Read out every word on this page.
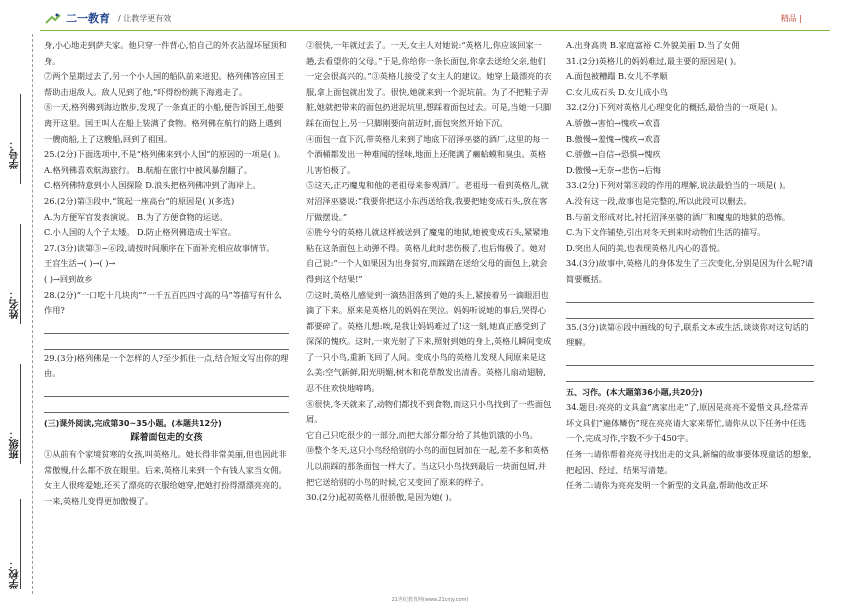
二一教育 / 让教学更有效	精品 |
学号：
姓名：
班级：
学校：

身,小心地走到萨夫家。他只穿一件背心,怕自己的外衣沾湿坏屋顶和身。

⑦两个星期过去了,另一个小人国的船队前来进犯。格列佛答应国王帮助击退敌人。敌人见到了他,“吓得纷纷跳下海逃走了。

⑧一天,格列佛到海边散步,发现了一条真正的小船,便告诉国王,他要离开这里。国王叫人在船上装满了食物。格列佛在航行的路上遇到一艘商船,上了这艘船,回到了祖国。

25.(2分)下面选项中,不是“格列佛来到小人国”的原因的一项是( )。

A.格列佛喜欢航海旅行。 B.航船在旅行中被风暴刮翻了。

C.格列佛特意到小人国探险 D.浪头把格列佛冲到了海岸上。

26.(2分)第③段中,“筑起一座高台”的原因是( )(多选)

A.为方便军官发表演说。 B.为了方便食物的运送。

C.小人国的人个子太矮。 D.防止格列佛造成士军官。

27.(3分)读第③~⑥段,请按时间顺序在下面补充相应故事情节。

王宫生活→( )→( )→

( )→回到故乡

28.(2分)“一口吃十几块肉”“一千五百匹四寸高的马”等描写有什么作用?

29.(3分)格列佛是一个怎样的人?至少抓住一点,结合短文写出你的理由。

(三)课外阅读,完成第30~35小题。(本题共12分)

踩着面包走的女孩

①从前有个家境贫寒的女孩,叫英格儿。她长得非常美丽,但也因此非常傲慢,什么都不放在眼里。后来,英格儿来到一个有钱人家当女佣。女主人很疼爱她,还买了漂亮的衣服给她穿,把她打扮得漂漂亮亮的。一来,英格儿变得更加傲慢了。

②很快,一年就过去了。一天,女主人对她说:“英格儿,你应该回家一趟,去看望你的父母。”于是,你给你一条长面包,你拿去送给父亲,他们一定会很高兴的。”③英格儿接受了女主人的建议。她穿上最漂亮的衣服,拿上面包就出发了。很快,她就来到一个泥坑前。为了不把鞋子弄脏,她就把带来的面包扔进泥坑里,想踩着面包过去。可是,当她一只脚踩在面包上,另一只脚刚要向前迈时,面包突然开始下沉。

④面包一直下沉,带英格儿来到了地底下沼泽巫婆的酒厂,这里的每一个酒桶都发出一种难闻的怪味,地面上还爬满了癞蛤蟆和臭虫。英格儿害怕极了。

⑤这天,正巧魔鬼和他的老祖母来参观酒厂。老祖母一看到英格儿,就对沼泽巫婆说:“我要你把这小东西送给我,我要把她变成石头,放在客厅做摆设。”

⑥胜兮兮的英格儿就这样被送到了魔鬼的地狱,她被变成石头,紧紧地粘在这条面包上动弹不得。英格儿此时悲伤极了,也后悔极了。她对自己说:“一个人如果因为出身贫穷,而踩踏在送给父母的面包上,就会得到这个结果!”

⑦这时,英格儿感觉到一滴热泪落到了她的头上,紧接着另一滴眼泪也滴了下来。原来是英格儿的妈妈在哭泣。妈妈听说她的事后,哭得心都要碎了。英格儿想:唉,是我让妈妈难过了!这一刻,她真正感受到了深深的愧疚。这时,一束光射了下来,照射到她的身上,英格儿瞬间变成了一只小鸟,重新飞回了人间。变成小鸟的英格儿发现人间原来是这么美:空气新鲜,阳光明媚,树木和花草散发出清香。英格儿扇动翅膀,忍不住欢快地啼鸣。

⑧很快,冬天就来了,动物们都找不到食物,而这只小鸟找到了一些面包屑。

它自己只吃很少的一部分,而把大部分都分给了其他饥饿的小鸟。

⑩整个冬天,这只小鸟经给别的小鸟的面包屑加在一起,差不多和英格儿以前踩的那条面包一样大了。当这只小鸟找到最后一块面包屑,并把它送给别的小鸟的时候,它又变回了原来的样子。

30.(2分)起初英格儿很骄傲,是因为她( )。

A.出身高贵 B.家庭富裕 C.外貌美丽 D.当了女佣

31.(2分)英格儿的妈妈难过,最主要的原因是( )。

A.面包被糟蹋 B.女儿不孝顺

C.女儿成石头 D.女儿成小鸟

32.(2分)下列对英格儿心理变化的概括,最恰当的一项是( )。

A.骄傲→害怕→愧疚→欢喜

B.傲慢→羞愧→愧疚→欢喜

C.骄傲→自信→恐惧→愧疚

D.傲慢→无奈→悲伤→后悔

33.(2分)下列对第⑧段的作用的理解,说法最恰当的一项是( )。

A.没有这一段,故事也是完整的,所以此段可以删去。

B.与前文形成对比,衬托沼泽巫婆的酒厂和魔鬼的地狱的恐怖。

C.为下文作铺垫,引出对冬天到来时动物们生活的描写。

D.突出人间的美,也表现英格儿内心的喜悦。

34.(3分)故事中,英格儿的身体发生了三次变化,分别是因为什么呢?请简要概括。

35.(3分)读第⑥段中画线的句子,联系文本或生活,谈谈你对这句话的理解。

五、习作。(本大题第36小题,共20分)

34.题目:亮亮的文具盒“离家出走”了,原因是亮亮不爱惜文具,经常弄坏文具们“遍体鳞伤”现在亮亮请大家来帮忙,请你从以下任务中任选一个,完成习作,字数不少于450字。

任务一:请你帮着亮亮寻找出走的文具,新编的故事要体现童话的想象,把起因、经过、结果写清楚。

任务二:请你为亮亮发明一个新型的文具盒,帮助他改正坏

21世纪教育网(www.21cnjy.com)
